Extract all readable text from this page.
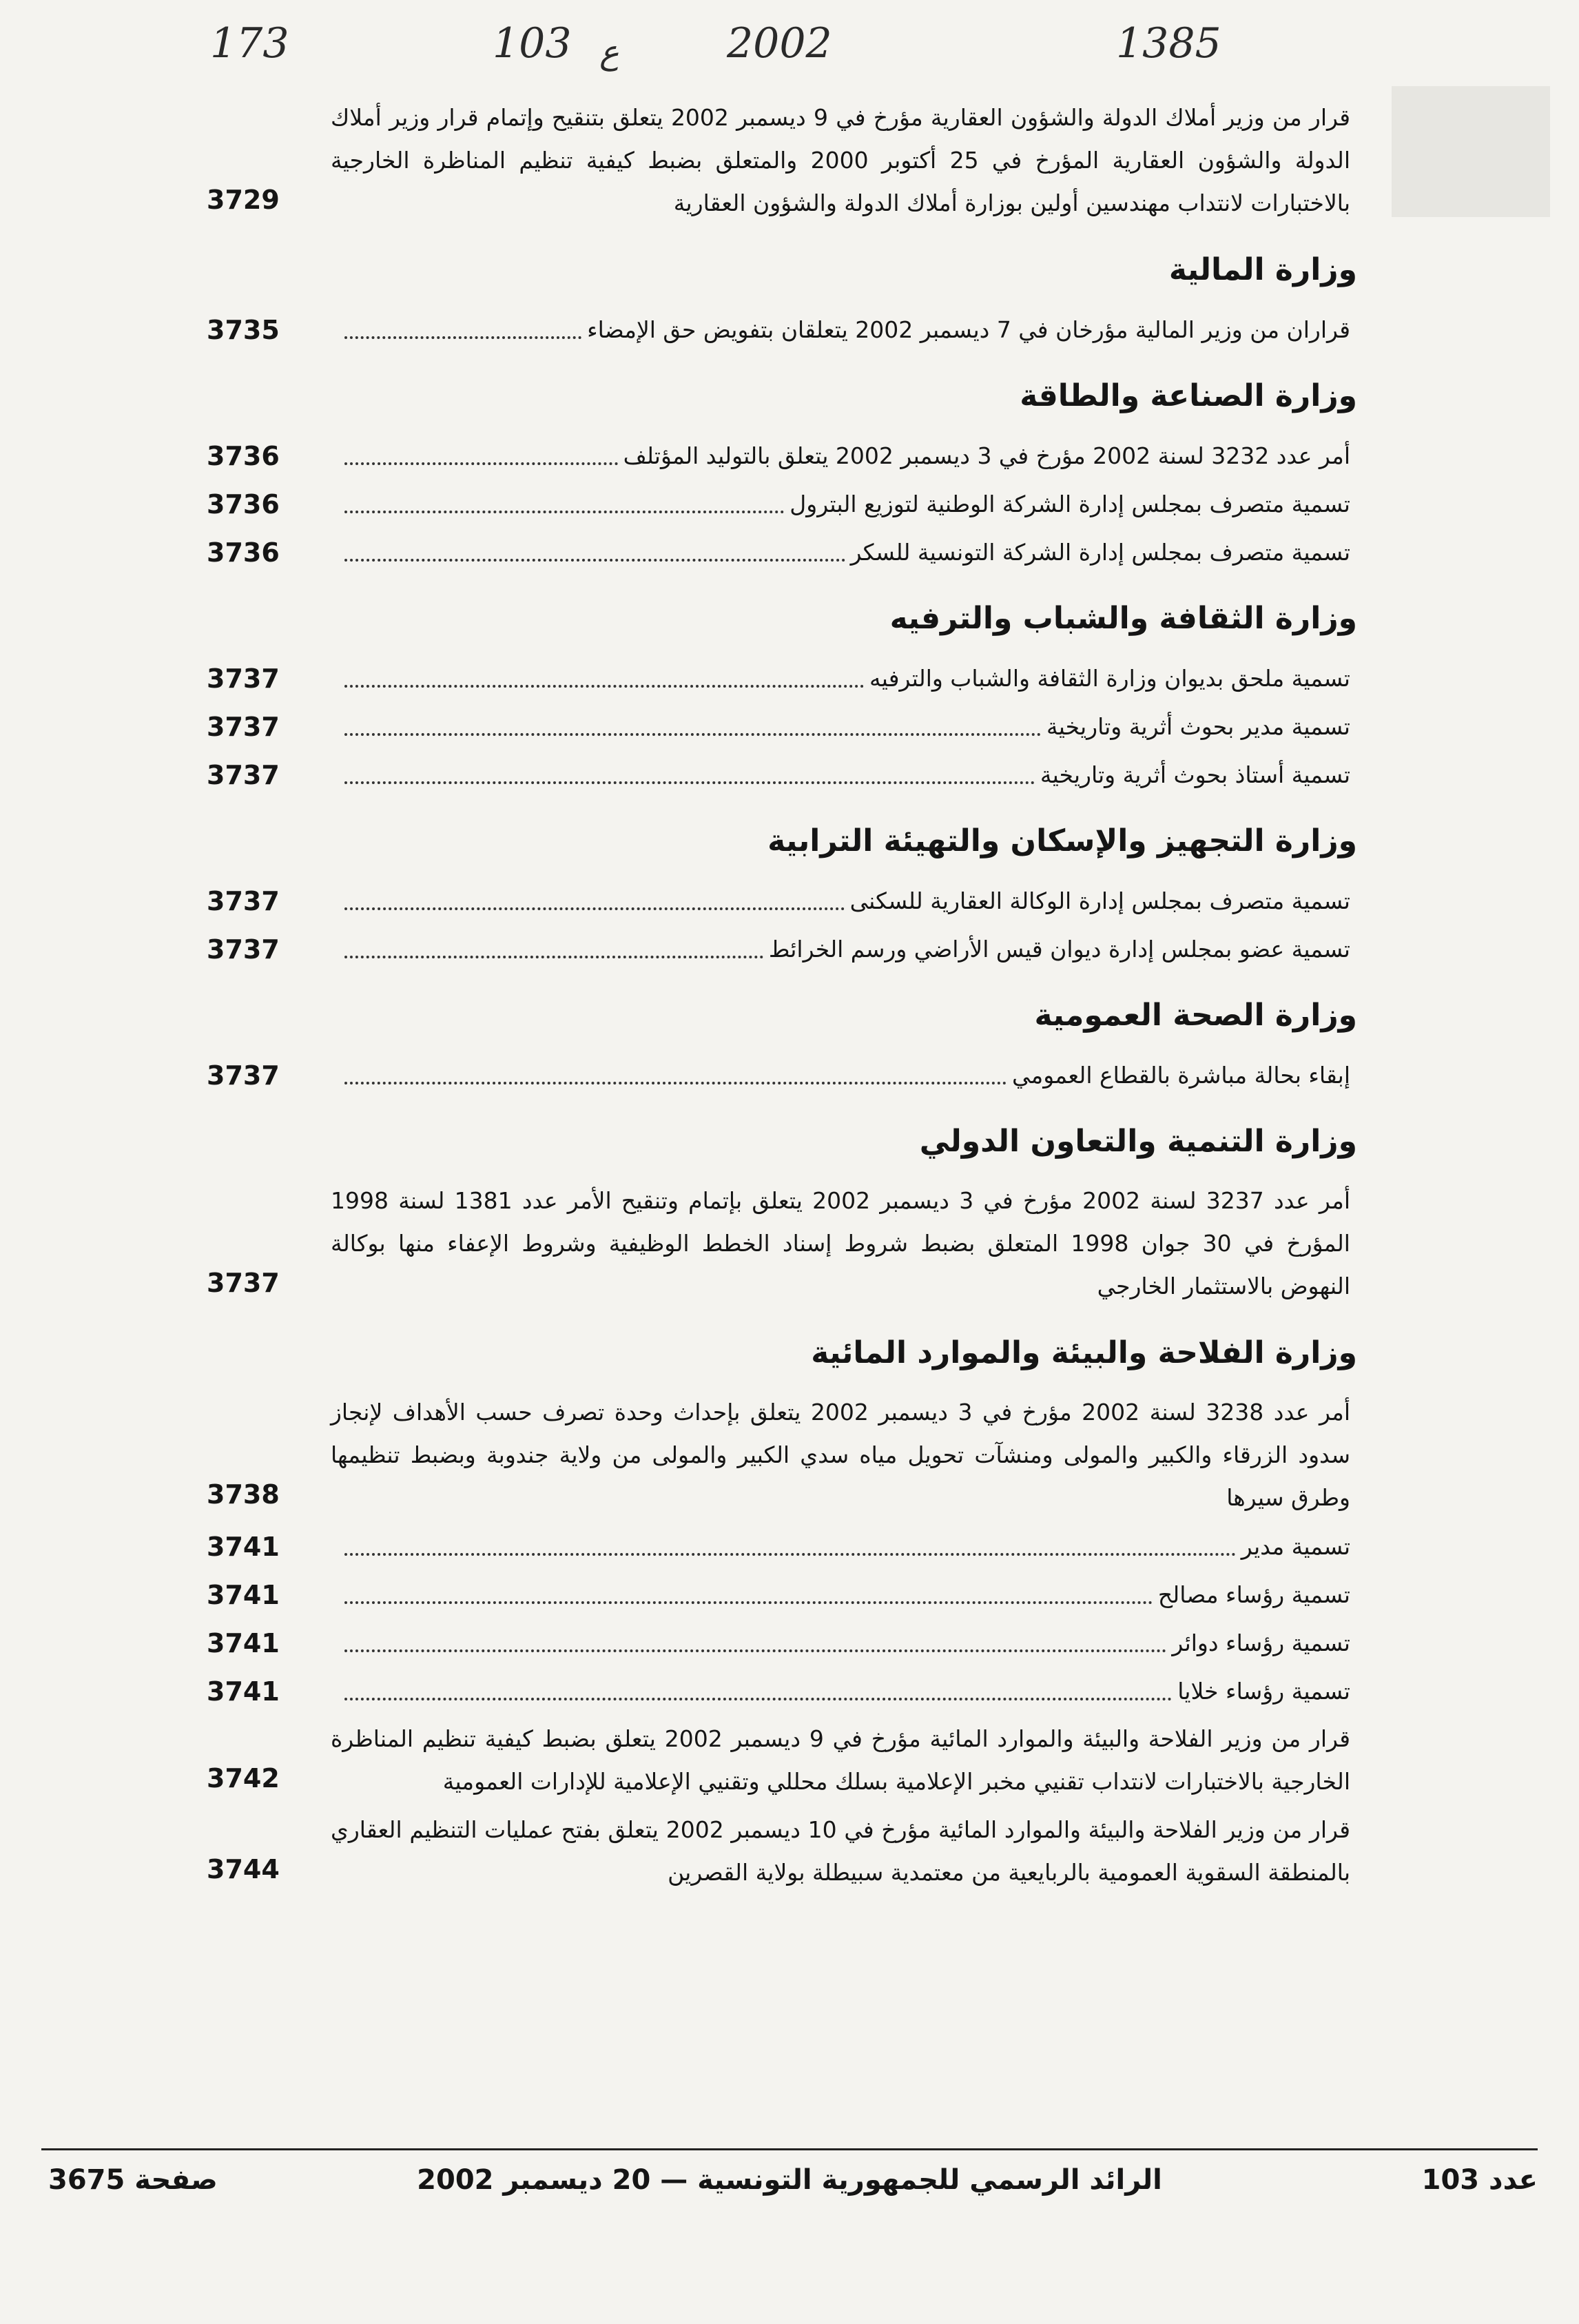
173	103 ع	2002	1385
قرار من وزير أملاك الدولة والشؤون العقارية مؤرخ في 9 ديسمبر 2002 يتعلق بتنقيح وإتمام قرار وزير أملاك الدولة والشؤون العقارية المؤرخ في 25 أكتوبر 2000 والمتعلق بضبط كيفية تنظيم المناظرة الخارجية بالاختبارات لانتداب مهندسين أولين بوزارة أملاك الدولة والشؤون العقارية
3729
وزارة المالية
قراران من وزير المالية مؤرخان في 7 ديسمبر 2002 يتعلقان بتفويض حق الإمضاء
3735
وزارة الصناعة والطاقة
أمر عدد 3232 لسنة 2002 مؤرخ في 3 ديسمبر 2002 يتعلق بالتوليد المؤتلف
3736
تسمية متصرف بمجلس إدارة الشركة الوطنية لتوزيع البترول
3736
تسمية متصرف بمجلس إدارة الشركة التونسية للسكر
3736
وزارة الثقافة والشباب والترفيه
تسمية ملحق بديوان وزارة الثقافة والشباب والترفيه
3737
تسمية مدير بحوث أثرية وتاريخية
3737
تسمية أستاذ بحوث أثرية وتاريخية
3737
وزارة التجهيز والإسكان والتهيئة الترابية
تسمية متصرف بمجلس إدارة الوكالة العقارية للسكنى
3737
تسمية عضو بمجلس إدارة ديوان قيس الأراضي ورسم الخرائط
3737
وزارة الصحة العمومية
إبقاء بحالة مباشرة بالقطاع العمومي
3737
وزارة التنمية والتعاون الدولي
أمر عدد 3237 لسنة 2002 مؤرخ في 3 ديسمبر 2002 يتعلق بإتمام وتنقيح الأمر عدد 1381 لسنة 1998 المؤرخ في 30 جوان 1998 المتعلق بضبط شروط إسناد الخطط الوظيفية وشروط الإعفاء منها بوكالة النهوض بالاستثمار الخارجي
3737
وزارة الفلاحة والبيئة والموارد المائية
أمر عدد 3238 لسنة 2002 مؤرخ في 3 ديسمبر 2002 يتعلق بإحداث وحدة تصرف حسب الأهداف لإنجاز سدود الزرقاء والكبير والمولى ومنشآت تحويل مياه سدي الكبير والمولى من ولاية جندوبة وبضبط تنظيمها وطرق سيرها
3738
تسمية مدير
3741
تسمية رؤساء مصالح
3741
تسمية رؤساء دوائر
3741
تسمية رؤساء خلايا
3741
قرار من وزير الفلاحة والبيئة والموارد المائية مؤرخ في 9 ديسمبر 2002 يتعلق بضبط كيفية تنظيم المناظرة الخارجية بالاختبارات لانتداب تقنيي مخبر الإعلامية بسلك محللي وتقنيي الإعلامية للإدارات العمومية
3742
قرار من وزير الفلاحة والبيئة والموارد المائية مؤرخ في 10 ديسمبر 2002 يتعلق بفتح عمليات التنظيم العقاري بالمنطقة السقوية العمومية بالربايعية من معتمدية سبيطلة بولاية القصرين
3744
عدد 103
الرائد الرسمي للجمهورية التونسية — 20 ديسمبر 2002
صفحة 3675
